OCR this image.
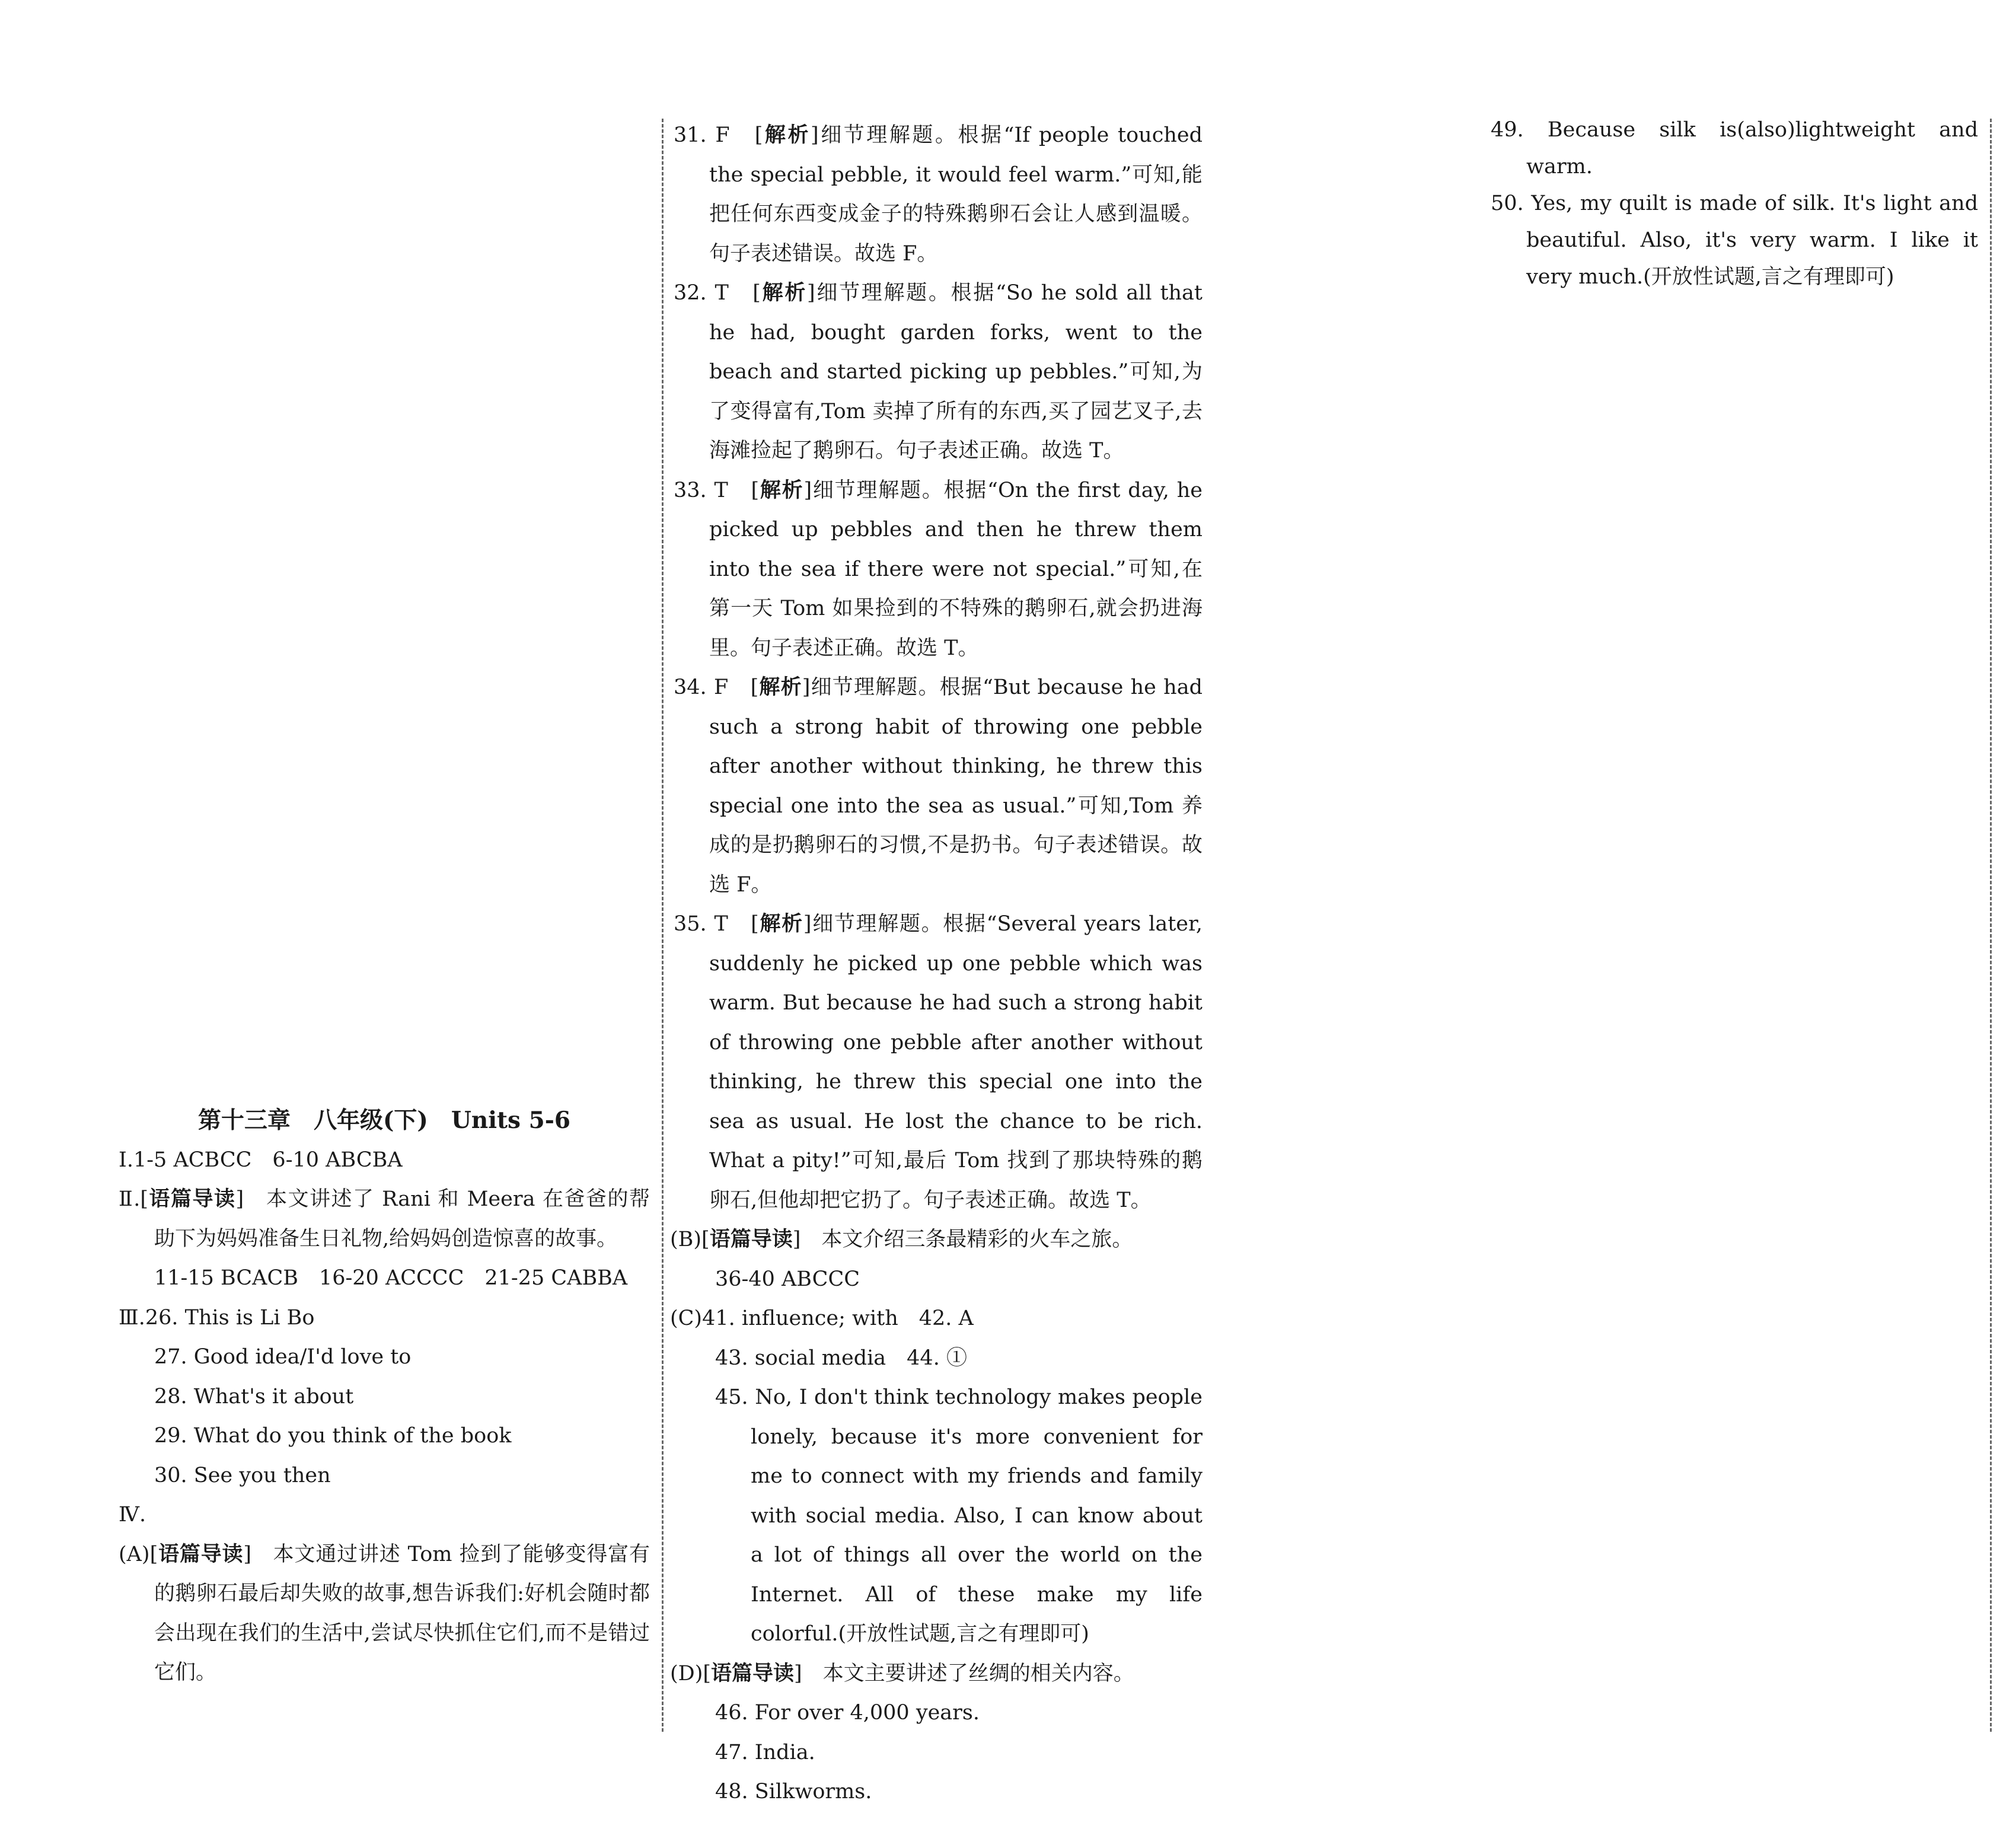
第十三章　八年级(下)　Units 5-6

Ⅰ.1-5 ACBCC　6-10 ABCBA

Ⅱ.[语篇导读]　本文讲述了 Rani 和 Meera 在爸爸的帮助下为妈妈准备生日礼物,给妈妈创造惊喜的故事。

11-15 BCACB　16-20 ACCCC　21-25 CABBA

Ⅲ.26. This is Li Bo

27. Good idea/I'd love to

28. What's it about

29. What do you think of the book

30. See you then

Ⅳ.

(A)[语篇导读]　本文通过讲述 Tom 捡到了能够变得富有的鹅卵石最后却失败的故事,想告诉我们:好机会随时都会出现在我们的生活中,尝试尽快抓住它们,而不是错过它们。

31. F　[解析]细节理解题。根据“If people touched the special pebble, it would feel warm.”可知,能把任何东西变成金子的特殊鹅卵石会让人感到温暖。句子表述错误。故选 F。

32. T　[解析]细节理解题。根据“So he sold all that he had, bought garden forks, went to the beach and started picking up pebbles.”可知,为了变得富有,Tom 卖掉了所有的东西,买了园艺叉子,去海滩捡起了鹅卵石。句子表述正确。故选 T。

33. T　[解析]细节理解题。根据“On the first day, he picked up pebbles and then he threw them into the sea if there were not special.”可知,在第一天 Tom 如果捡到的不特殊的鹅卵石,就会扔进海里。句子表述正确。故选 T。

34. F　[解析]细节理解题。根据“But because he had such a strong habit of throwing one pebble after another without thinking, he threw this special one into the sea as usual.”可知,Tom 养成的是扔鹅卵石的习惯,不是扔书。句子表述错误。故选 F。

35. T　[解析]细节理解题。根据“Several years later, suddenly he picked up one pebble which was warm. But because he had such a strong habit of throwing one pebble after another without thinking, he threw this special one into the sea as usual. He lost the chance to be rich. What a pity!”可知,最后 Tom 找到了那块特殊的鹅卵石,但他却把它扔了。句子表述正确。故选 T。

(B)[语篇导读]　本文介绍三条最精彩的火车之旅。

36-40 ABCCC

(C)41. influence; with　42. A

43. social media　44. ①

45. No, I don't think technology makes people lonely, because it's more convenient for me to connect with my friends and family with social media. Also, I can know about a lot of things all over the world on the Internet. All of these make my life colorful.(开放性试题,言之有理即可)

(D)[语篇导读]　本文主要讲述了丝绸的相关内容。

46. For over 4,000 years.

47. India.

48. Silkworms.

49. Because silk is(also)lightweight and warm.

50. Yes, my quilt is made of silk. It's light and beautiful. Also, it's very warm. I like it very much.(开放性试题,言之有理即可)
